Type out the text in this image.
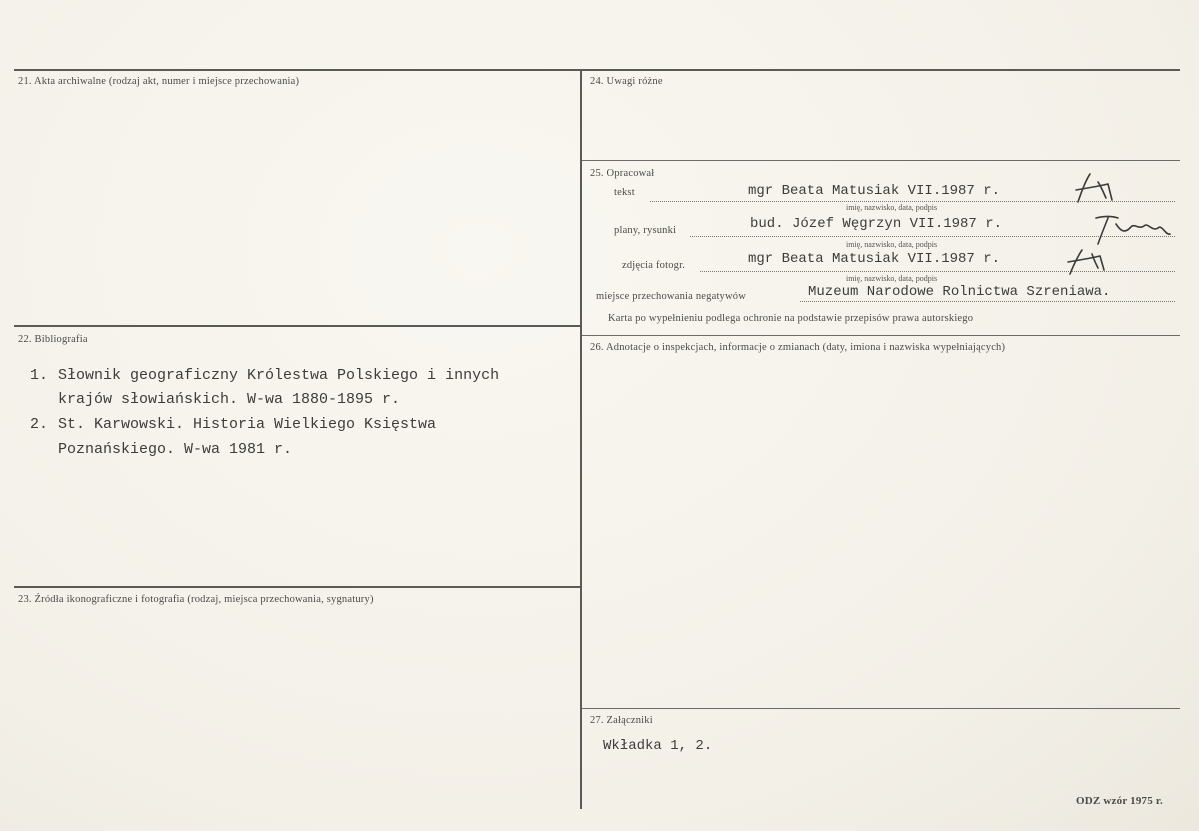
21. Akta archiwalne (rodzaj akt, numer i miejsce przechowania)
22. Bibliografia
1. Słownik geograficzny Królestwa Polskiego i innych
krajów słowiańskich. W-wa 1880-1895 r.
2. St. Karwowski. Historia Wielkiego Księstwa
Poznańskiego. W-wa 1981 r.
23. Źródła ikonograficzne i fotografia (rodzaj, miejsca przechowania, sygnatury)
24. Uwagi różne
25. Opracował
tekst	mgr Beata Matusiak VII.1987 r.
imię, nazwisko, data, podpis
plany, rysunki	bud. Józef Węgrzyn VII.1987 r.
imię, nazwisko, data, podpis
zdjęcia fotogr.	mgr Beata Matusiak VII.1987 r.
imię, nazwisko, data, podpis
miejsce przechowania negatywów	Muzeum Narodowe Rolnictwa Szreniawa.
Karta po wypełnieniu podlega ochronie na podstawie przepisów prawa autorskiego
26. Adnotacje o inspekcjach, informacje o zmianach (daty, imiona i nazwiska wypełniających)
27. Załączniki
Wkładka 1, 2.
ODZ wzór 1975 r.
